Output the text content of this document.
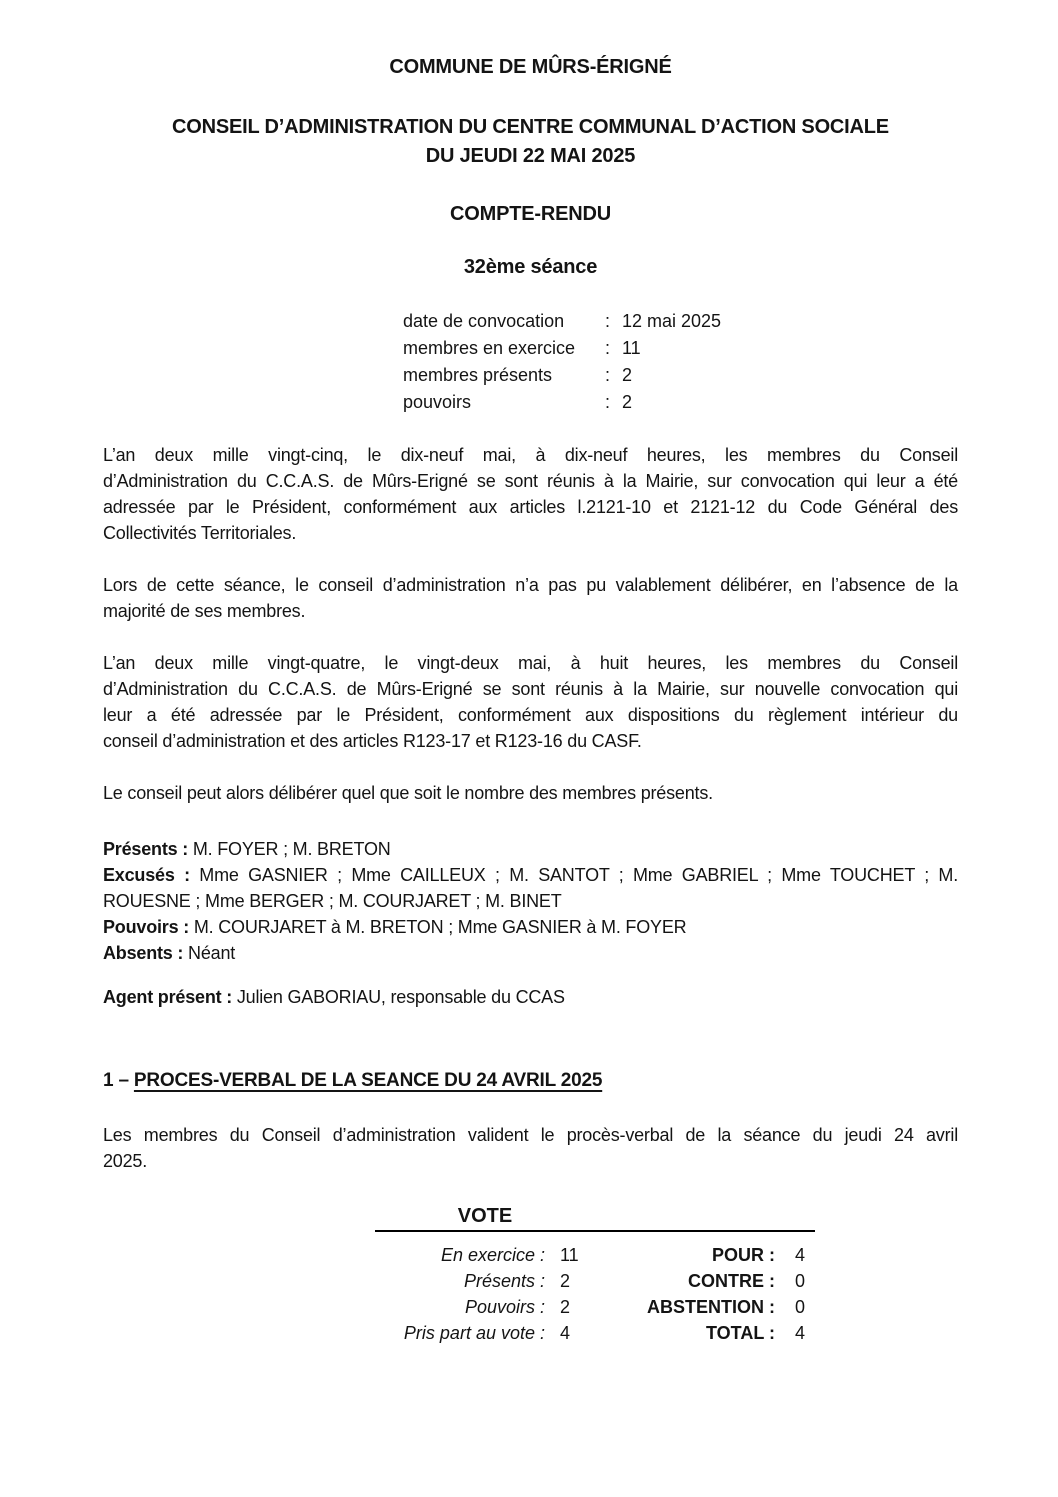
COMMUNE DE MÛRS-ÉRIGNÉ
CONSEIL D’ADMINISTRATION DU CENTRE COMMUNAL D’ACTION SOCIALE
DU JEUDI 22 MAI 2025
COMPTE-RENDU
32ème séance
date de convocation	: 12 mai 2025
membres en exercice	: 11
membres présents	: 2
pouvoirs	: 2
L’an deux mille vingt-cinq, le dix-neuf mai, à dix-neuf heures, les membres du Conseil
d’Administration du C.C.A.S. de Mûrs-Erigné se sont réunis à la Mairie, sur convocation qui leur a été
adressée par le Président, conformément aux articles l.2121-10 et 2121-12 du Code Général des
Collectivités Territoriales.
Lors de cette séance, le conseil d’administration n’a pas pu valablement délibérer, en l’absence de la
majorité de ses membres.
L’an deux mille vingt-quatre, le vingt-deux mai, à huit heures, les membres du Conseil
d’Administration du C.C.A.S. de Mûrs-Erigné se sont réunis à la Mairie, sur nouvelle convocation qui
leur a été adressée par le Président, conformément aux dispositions du règlement intérieur du
conseil d’administration et des articles R123-17 et R123-16 du CASF.
Le conseil peut alors délibérer quel que soit le nombre des membres présents.
Présents : M. FOYER ; M. BRETON
Excusés : Mme GASNIER ; Mme CAILLEUX ; M. SANTOT ; Mme GABRIEL ; Mme TOUCHET ; M.
ROUESNE ; Mme BERGER ; M. COURJARET ; M. BINET
Pouvoirs : M. COURJARET à M. BRETON ; Mme GASNIER à M. FOYER
Absents : Néant
Agent présent : Julien GABORIAU, responsable du CCAS
1 – PROCES-VERBAL DE LA SEANCE DU 24 AVRIL 2025
Les membres du Conseil d’administration valident le procès-verbal de la séance du jeudi 24 avril
2025.
VOTE
En exercice : 11	POUR :	4
Présents : 2	CONTRE :	0
Pouvoirs : 2	ABSTENTION :	0
Pris part au vote : 4	TOTAL :	4
